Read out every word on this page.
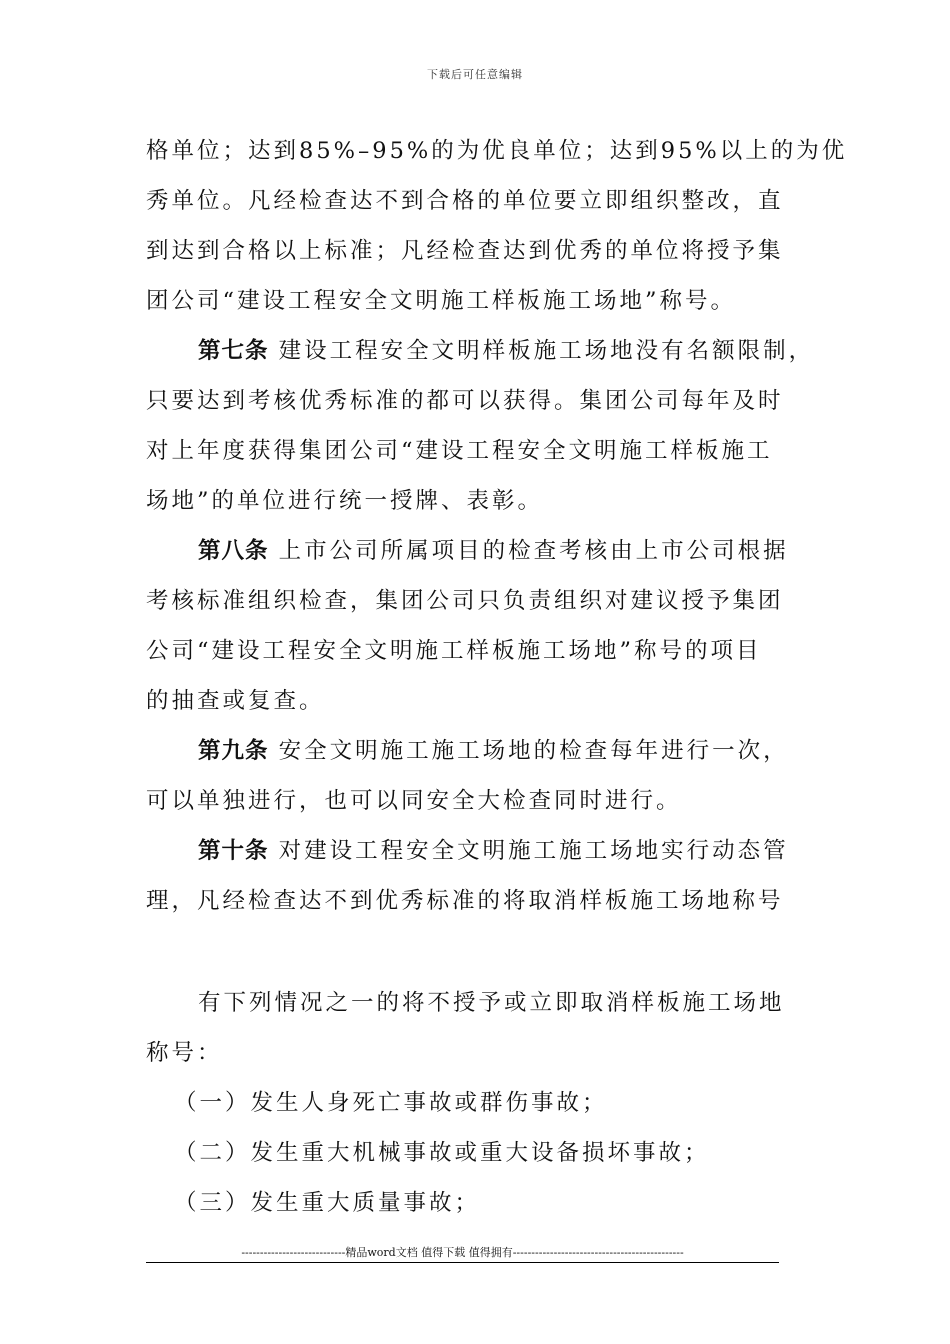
下载后可任意编辑
格单位；达到85%–95%的为优良单位；达到95%以上的为优
秀单位。凡经检查达不到合格的单位要立即组织整改，直
到达到合格以上标准；凡经检查达到优秀的单位将授予集
团公司“建设工程安全文明施工样板施工场地”称号。
第七条 建设工程安全文明样板施工场地没有名额限制，
只要达到考核优秀标准的都可以获得。集团公司每年及时
对上年度获得集团公司“建设工程安全文明施工样板施工
场地”的单位进行统一授牌、表彰。
第八条 上市公司所属项目的检查考核由上市公司根据
考核标准组织检查，集团公司只负责组织对建议授予集团
公司“建设工程安全文明施工样板施工场地”称号的项目
的抽查或复查。
第九条 安全文明施工施工场地的检查每年进行一次，
可以单独进行，也可以同安全大检查同时进行。
第十条 对建设工程安全文明施工施工场地实行动态管
理，凡经检查达不到优秀标准的将取消样板施工场地称号
有下列情况之一的将不授予或立即取消样板施工场地
称号：
（一）发生人身死亡事故或群伤事故；
（二）发生重大机械事故或重大设备损坏事故；
（三）发生重大质量事故；
----------------------------精品word文档 值得下载 值得拥有----------------------------------------------
